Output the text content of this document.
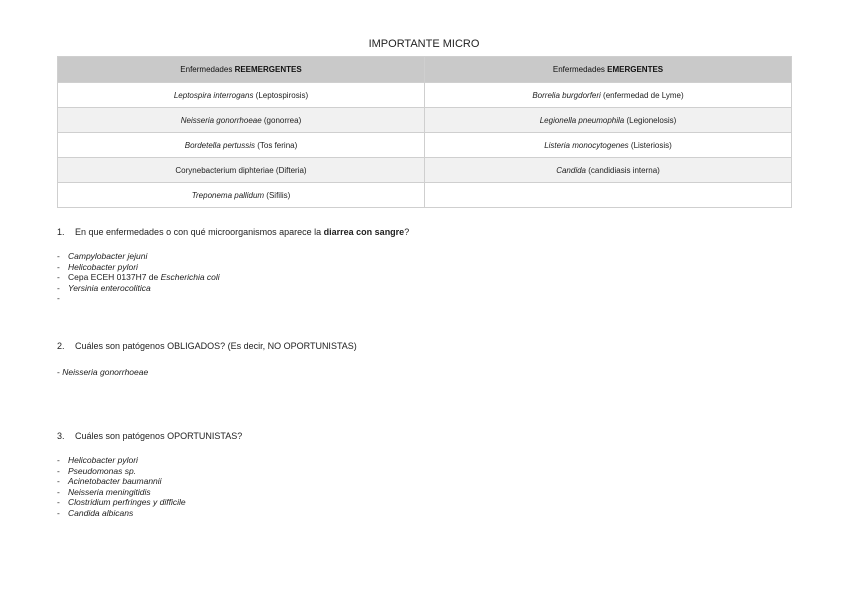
IMPORTANTE MICRO
Enfermedades REEMERGENTES	Enfermedades EMERGENTES
Leptospira interrogans (Leptospirosis)	Borrelia burgdorferi (enfermedad de Lyme)
Neisseria gonorrhoeae (gonorrea)	Legionella pneumophila (Legionelosis)
Bordetella pertussis (Tos ferina)	Listeria monocytogenes (Listeriosis)
Corynebacterium diphteriae (Difteria)	Candida (candidiasis interna)
Treponema pallidum (Sifilis)	
1. En que enfermedades o con qué microorganismos aparece la diarrea con sangre?
- Campylobacter jejuni
- Helicobacter pylori
- Cepa ECEH 0137H7 de Escherichia coli
- Yersinia enterocolitica
-
2. Cuáles son patógenos OBLIGADOS? (Es decir, NO OPORTUNISTAS)
- Neisseria gonorrhoeae
3. Cuáles son patógenos OPORTUNISTAS?
- Helicobacter pylori
- Pseudomonas sp.
- Acinetobacter baumannii
- Neisseria meningitidis
- Clostridium perfringes y difficile
- Candida albicans
